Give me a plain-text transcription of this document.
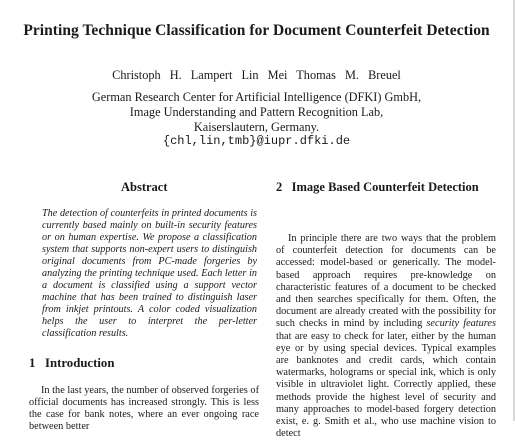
Printing Technique Classification for Document Counterfeit Detection
Christoph H. Lampert Lin Mei Thomas M. Breuel
German Research Center for Artificial Intelligence (DFKI) GmbH,
Image Understanding and Pattern Recognition Lab,
Kaiserslautern, Germany.
{chl,lin,tmb}@iupr.dfki.de
Abstract
The detection of counterfeits in printed documents is currently based mainly on built-in security features or on human expertise. We propose a classification system that supports non-expert users to distinguish original documents from PC-made forgeries by analyzing the printing technique used. Each letter in a document is classified using a support vector machine that has been trained to distinguish laser from inkjet printouts. A color coded visualization helps the user to interpret the per-letter classification results.
1   Introduction
In the last years, the number of observed forgeries of official documents has increased strongly. This is less the case for bank notes, where an ever ongoing race between better
2   Image Based Counterfeit Detection
In principle there are two ways that the problem of counterfeit detection for documents can be accessed: model-based or generically. The model-based approach requires pre-knowledge on characteristic features of a document to be checked and then searches specifically for them. Often, the document are already created with the possibility for such checks in mind by including security features that are easy to check for later, either by the human eye or by using special devices. Typical examples are banknotes and credit cards, which contain watermarks, holograms or special ink, which is only visible in ultraviolet light. Correctly applied, these methods provide the highest level of security and many approaches to model-based forgery detection exist, e. g. Smith et al., who use machine vision to detect
